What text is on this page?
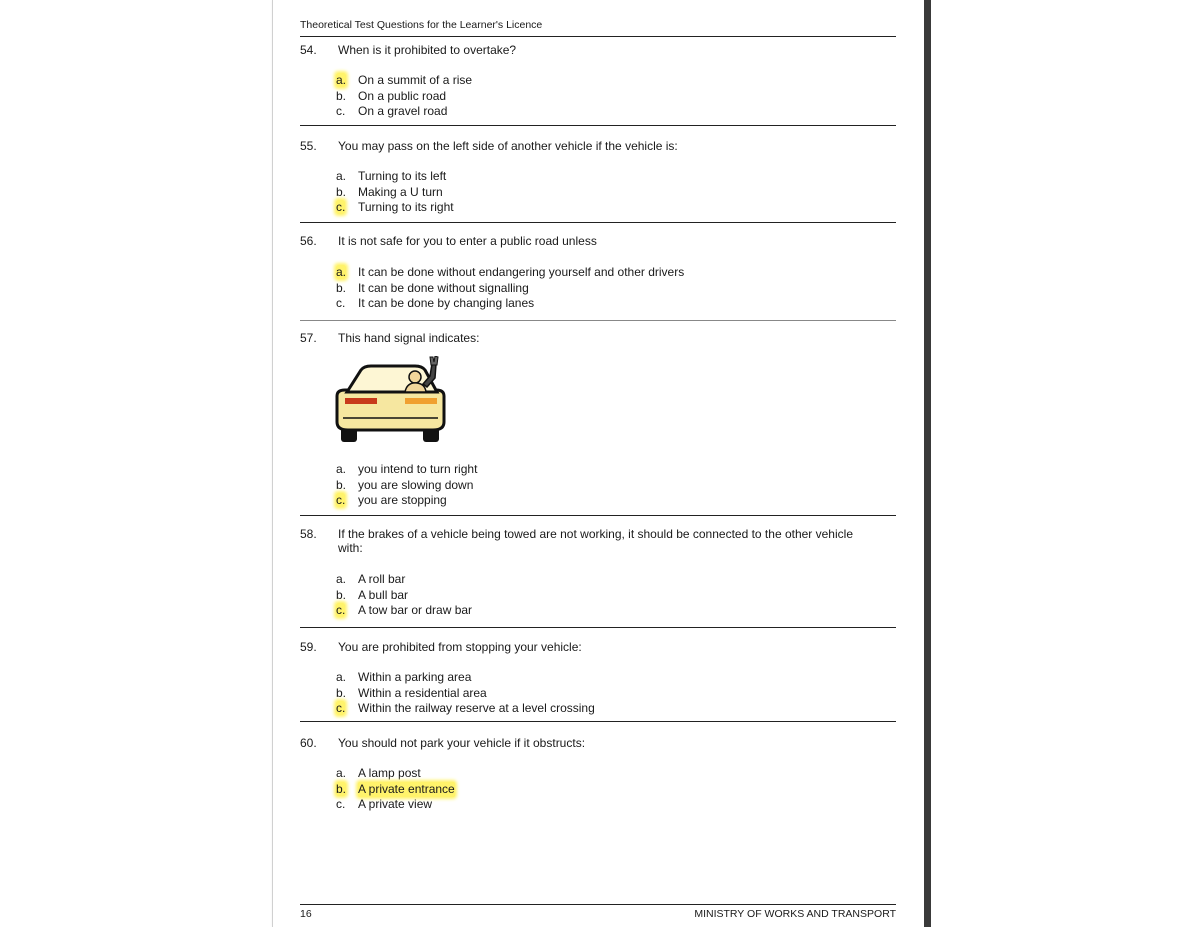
Theoretical Test Questions for the Learner's Licence
54.	When is it prohibited to overtake?
a. On a summit of a rise
b. On a public road
c.	On a gravel road
55.	You may pass on the left side of another vehicle if the vehicle is:
a. Turning to its left
b. Making a U turn
c.	Turning to its right
56.	It is not safe for you to enter a public road unless
a. It can be done without endangering yourself and other drivers
b. It can be done without signalling
c.	It can be done by changing lanes
57.	This hand signal indicates:
a. you intend to turn right
b. you are slowing down
c.	you are stopping
58.	If the brakes of a vehicle being towed are not working, it should be connected to the other vehicle with:
a. A roll bar
b. A bull bar
c.	A tow bar or draw bar
59.	You are prohibited from stopping your vehicle:
a. Within a parking area
b. Within a residential area
c.	Within the railway reserve at a level crossing
60.	You should not park your vehicle if it obstructs:
a. A lamp post
b. A private entrance
c.	A private view
16	MINISTRY OF WORKS AND TRANSPORT
